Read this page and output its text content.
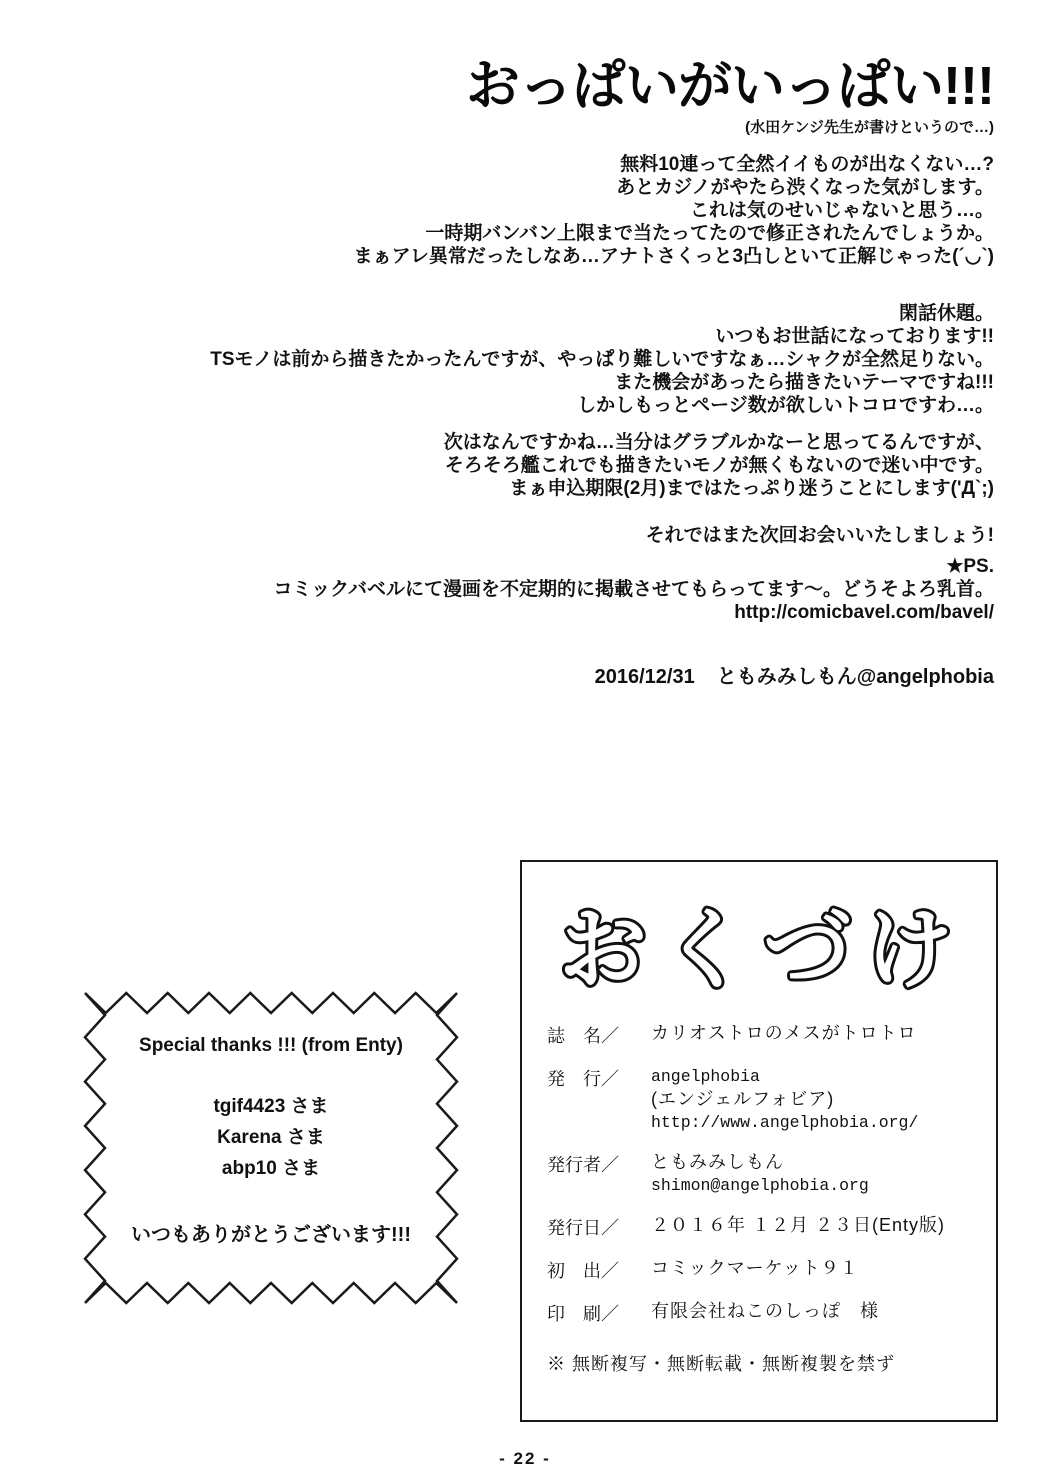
おっぱいがいっぱい!!!
(水田ケンジ先生が書けというので…)
無料10連って全然イイものが出なくない…?
あとカジノがやたら渋くなった気がします。
これは気のせいじゃないと思う…。
一時期バンバン上限まで当たってたので修正されたんでしょうか。
まぁアレ異常だったしなあ…アナトさくっと3凸しといて正解じゃった(´◡`)
閑話休題。
いつもお世話になっております!!
TSモノは前から描きたかったんですが、やっぱり難しいですなぁ…シャクが全然足りない。
また機会があったら描きたいテーマですね!!!
しかしもっとページ数が欲しいトコロですわ…。
次はなんですかね…当分はグラブルかなーと思ってるんですが、
そろそろ艦これでも描きたいモノが無くもないので迷い中です。
まぁ申込期限(2月)まではたっぷり迷うことにします('Д`;)
それではまた次回お会いいたしましょう!
★PS.
コミックバベルにて漫画を不定期的に掲載させてもらってます〜。どうそよろ乳首。
http://comicbavel.com/bavel/
2016/12/31 ともみみしもん@angelphobia
Special thanks !!! (from Enty)
tgif4423 さま
Karena さま
abp10 さま
いつもありがとうございます!!!
おくづけ
誌　名／	カリオストロのメスがトロトロ
発　行／	angelphobia
(エンジェルフォビア)
http://www.angelphobia.org/
発行者／	ともみみしもん
shimon@angelphobia.org
発行日／	２０１６年 １２月 ２３日(Enty版)
初　出／	コミックマーケット９１
印　刷／	有限会社ねこのしっぽ　様
※ 無断複写・無断転載・無断複製を禁ず
- 22 -
